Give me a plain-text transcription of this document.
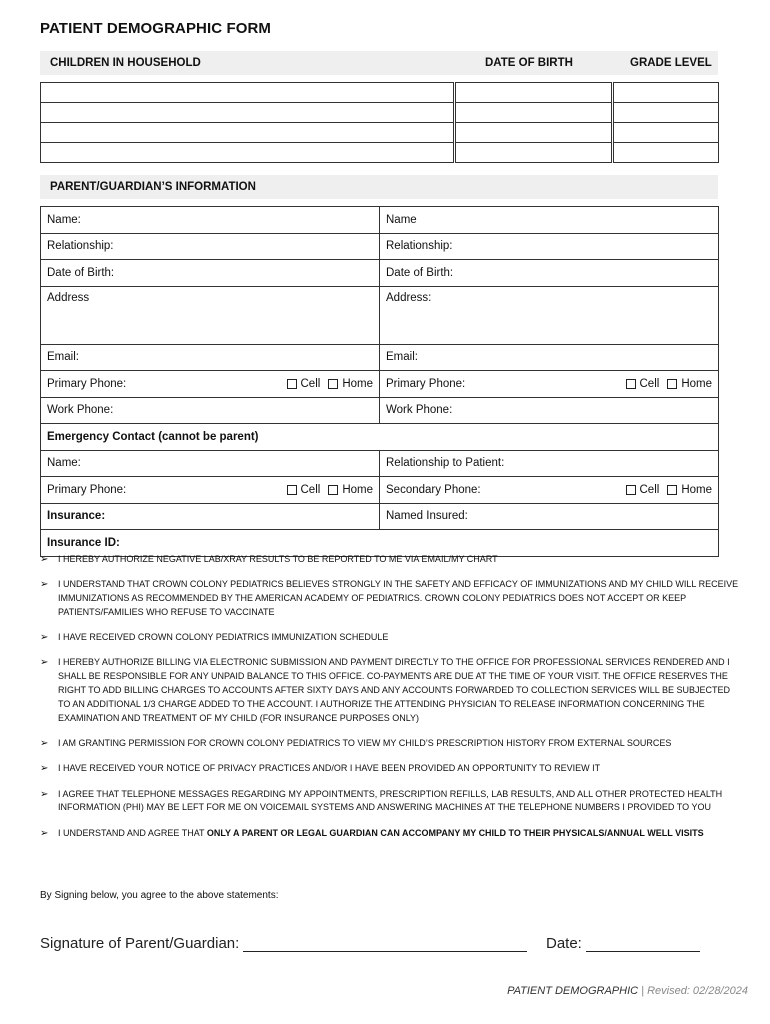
PATIENT DEMOGRAPHIC FORM
CHILDREN IN HOUSEHOLD	DATE OF BIRTH	GRADE LEVEL

PARENT/GUARDIAN’S INFORMATION
Name:	Name
Relationship:	Relationship:
Date of Birth:	Date of Birth:
Address	Address:
Email:	Email:

Primary Phone: Cell Home	Primary Phone: Cell Home

Work Phone:	Work Phone:
Emergency Contact (cannot be parent)	
Name:	Relationship to Patient:

Primary Phone: Cell Home	Secondary Phone: Cell Home

Insurance:	Named Insured:
Insurance ID:	
➢ I HEREBY AUTHORIZE NEGATIVE LAB/XRAY RESULTS TO BE REPORTED TO ME VIA EMAIL/MY CHART
➢ I UNDERSTAND THAT CROWN COLONY PEDIATRICS BELIEVES STRONGLY IN THE SAFETY AND EFFICACY OF IMMUNIZATIONS AND MY CHILD WILL RECEIVE IMMUNIZATIONS AS RECOMMENDED BY THE AMERICAN ACADEMY OF PEDIATRICS. CROWN COLONY PEDIATRICS DOES NOT ACCEPT OR KEEP PATIENTS/FAMILIES WHO REFUSE TO VACCINATE
➢ I HAVE RECEIVED CROWN COLONY PEDIATRICS IMMUNIZATION SCHEDULE
➢ I HEREBY AUTHORIZE BILLING VIA ELECTRONIC SUBMISSION AND PAYMENT DIRECTLY TO THE OFFICE FOR PROFESSIONAL SERVICES RENDERED AND I SHALL BE RESPONSIBLE FOR ANY UNPAID BALANCE TO THIS OFFICE. CO-PAYMENTS ARE DUE AT THE TIME OF YOUR VISIT. THE OFFICE RESERVES THE RIGHT TO ADD BILLING CHARGES TO ACCOUNTS AFTER SIXTY DAYS AND ANY ACCOUNTS FORWARDED TO COLLECTION SERVICES WILL BE SUBJECTED TO AN ADDITIONAL 1/3 CHARGE ADDED TO THE ACCOUNT. I AUTHORIZE THE ATTENDING PHYSICIAN TO RELEASE INFORMATION CONCERNING THE EXAMINATION AND TREATMENT OF MY CHILD (FOR INSURANCE PURPOSES ONLY)
➢ I AM GRANTING PERMISSION FOR CROWN COLONY PEDIATRICS TO VIEW MY CHILD’S PRESCRIPTION HISTORY FROM EXTERNAL SOURCES
➢ I HAVE RECEIVED YOUR NOTICE OF PRIVACY PRACTICES AND/OR I HAVE BEEN PROVIDED AN OPPORTUNITY TO REVIEW IT
➢ I AGREE THAT TELEPHONE MESSAGES REGARDING MY APPOINTMENTS, PRESCRIPTION REFILLS, LAB RESULTS, AND ALL OTHER PROTECTED HEALTH INFORMATION (PHI) MAY BE LEFT FOR ME ON VOICEMAIL SYSTEMS AND ANSWERING MACHINES AT THE TELEPHONE NUMBERS I PROVIDED TO YOU
➢ I UNDERSTAND AND AGREE THAT ONLY A PARENT OR LEGAL GUARDIAN CAN ACCOMPANY MY CHILD TO THEIR PHYSICALS/ANNUAL WELL VISITS
By Signing below, you agree to the above statements:
Signature of Parent/Guardian:	Date:
PATIENT DEMOGRAPHIC | Revised: 02/28/2024
